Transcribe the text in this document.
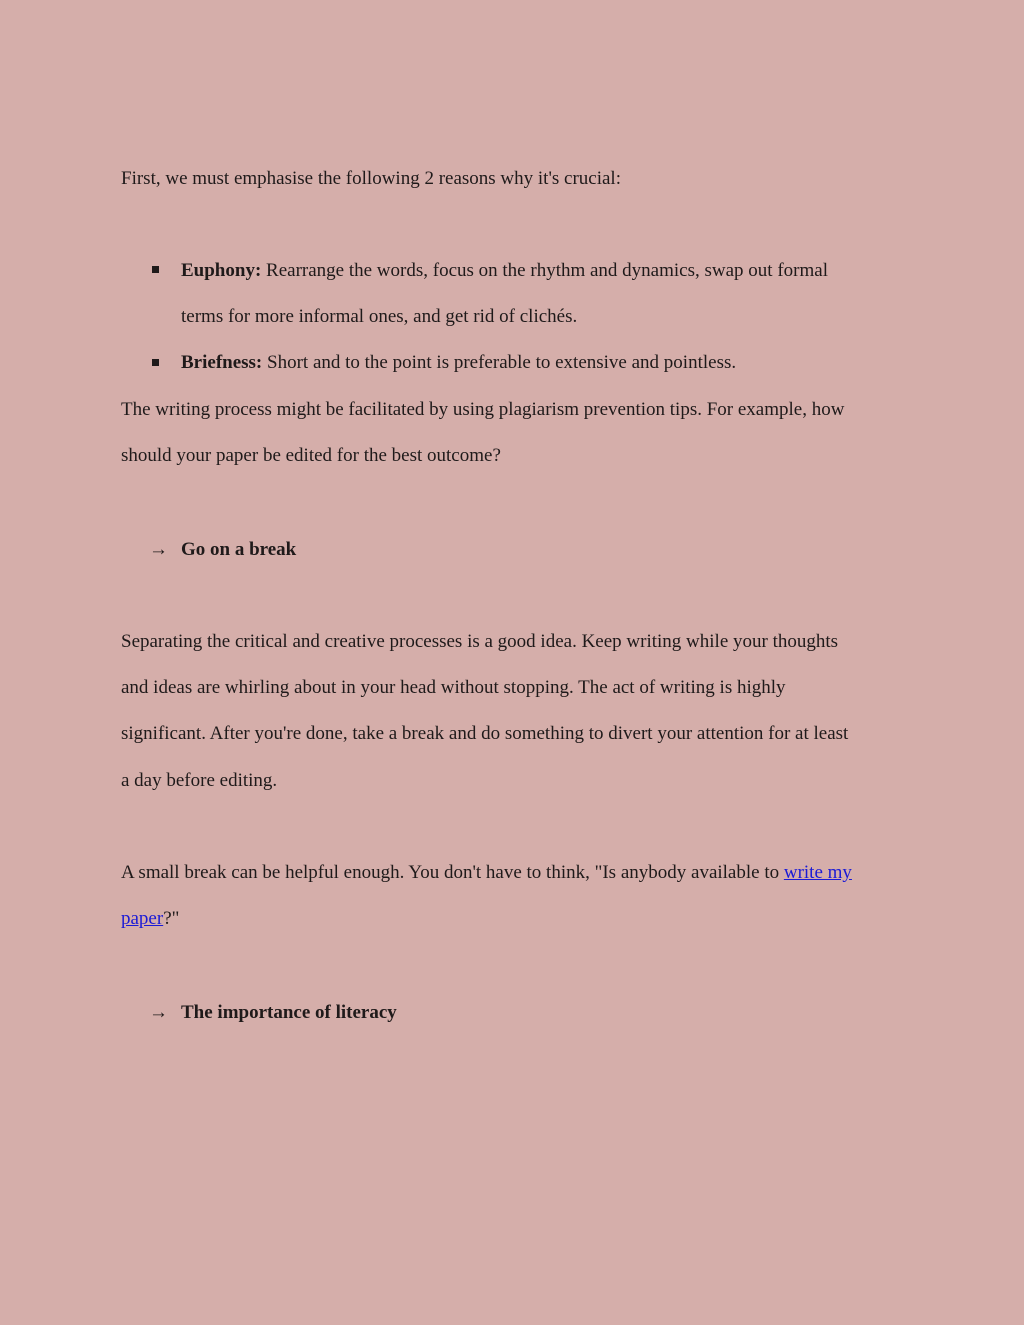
First, we must emphasise the following 2 reasons why it's crucial:
Euphony: Rearrange the words, focus on the rhythm and dynamics, swap out formal
terms for more informal ones, and get rid of clichés.
Briefness: Short and to the point is preferable to extensive and pointless.
The writing process might be facilitated by using plagiarism prevention tips. For example, how
should your paper be edited for the best outcome?
→ Go on a break
Separating the critical and creative processes is a good idea. Keep writing while your thoughts
and ideas are whirling about in your head without stopping. The act of writing is highly
significant. After you're done, take a break and do something to divert your attention for at least
a day before editing.
A small break can be helpful enough. You don't have to think, "Is anybody available to write my
paper?"
→ The importance of literacy
